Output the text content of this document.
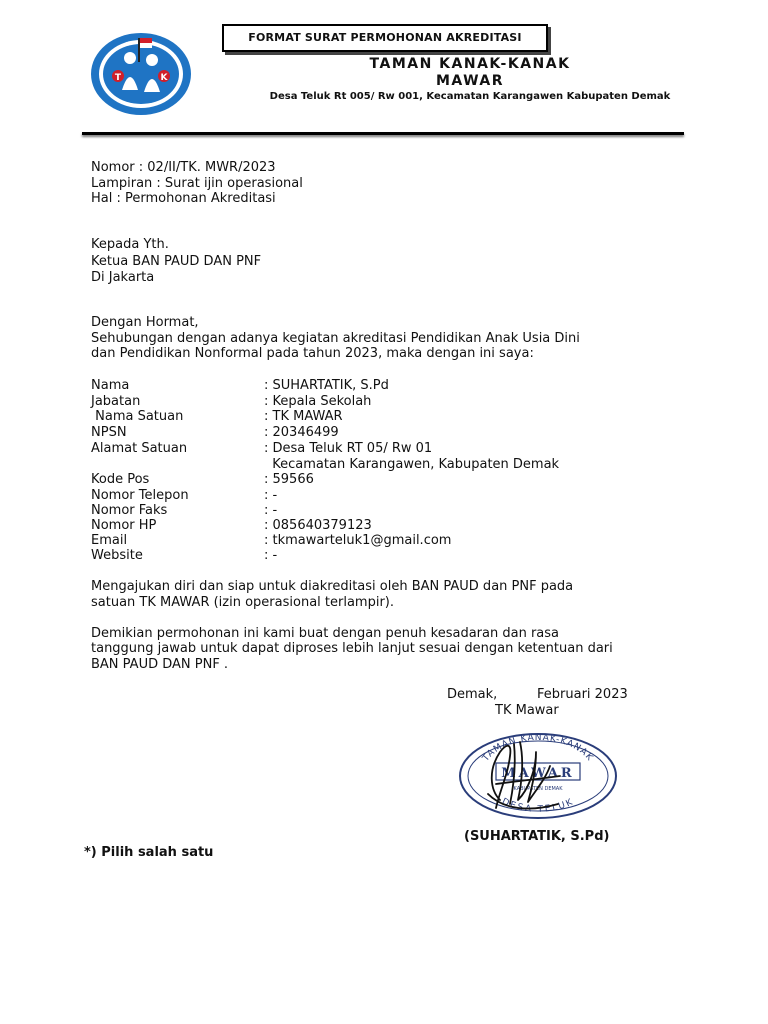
T	K
FORMAT SURAT PERMOHONAN AKREDITASI
TAMAN KANAK-KANAK
MAWAR
Desa Teluk Rt 005/ Rw 001, Kecamatan Karangawen Kabupaten Demak
Nomor : 02/II/TK. MWR/2023
Lampiran : Surat ijin operasional
Hal : Permohonan Akreditasi
Kepada Yth.
Ketua BAN PAUD DAN PNF
Di Jakarta
Dengan Hormat,
Sehubungan dengan adanya kegiatan akreditasi Pendidikan Anak Usia Dini
dan Pendidikan Nonformal pada tahun 2023, maka dengan ini saya:
Nama	: SUHARTATIK, S.Pd
Jabatan	: Kepala Sekolah
Nama Satuan	: TK MAWAR
NPSN	: 20346499
Alamat Satuan	: Desa Teluk RT 05/ Rw 01
Kecamatan Karangawen, Kabupaten Demak
Kode Pos	: 59566
Nomor Telepon	: -
Nomor Faks	: -
Nomor HP	: 085640379123
Email	: tkmawarteluk1@gmail.com
Website	: -
Mengajukan diri dan siap untuk diakreditasi oleh BAN PAUD dan PNF pada
satuan TK MAWAR (izin operasional terlampir).
Demikian permohonan ini kami buat dengan penuh kesadaran dan rasa
tanggung jawab untuk dapat diproses lebih lanjut sesuai dengan ketentuan dari
BAN PAUD DAN PNF .
Demak,	Februari 2023
TK Mawar
TAMAN KANAK-KANAK
MAWAR
KABUPATEN DEMAK
DESA TELUK
(SUHARTATIK, S.Pd)
*) Pilih salah satu
